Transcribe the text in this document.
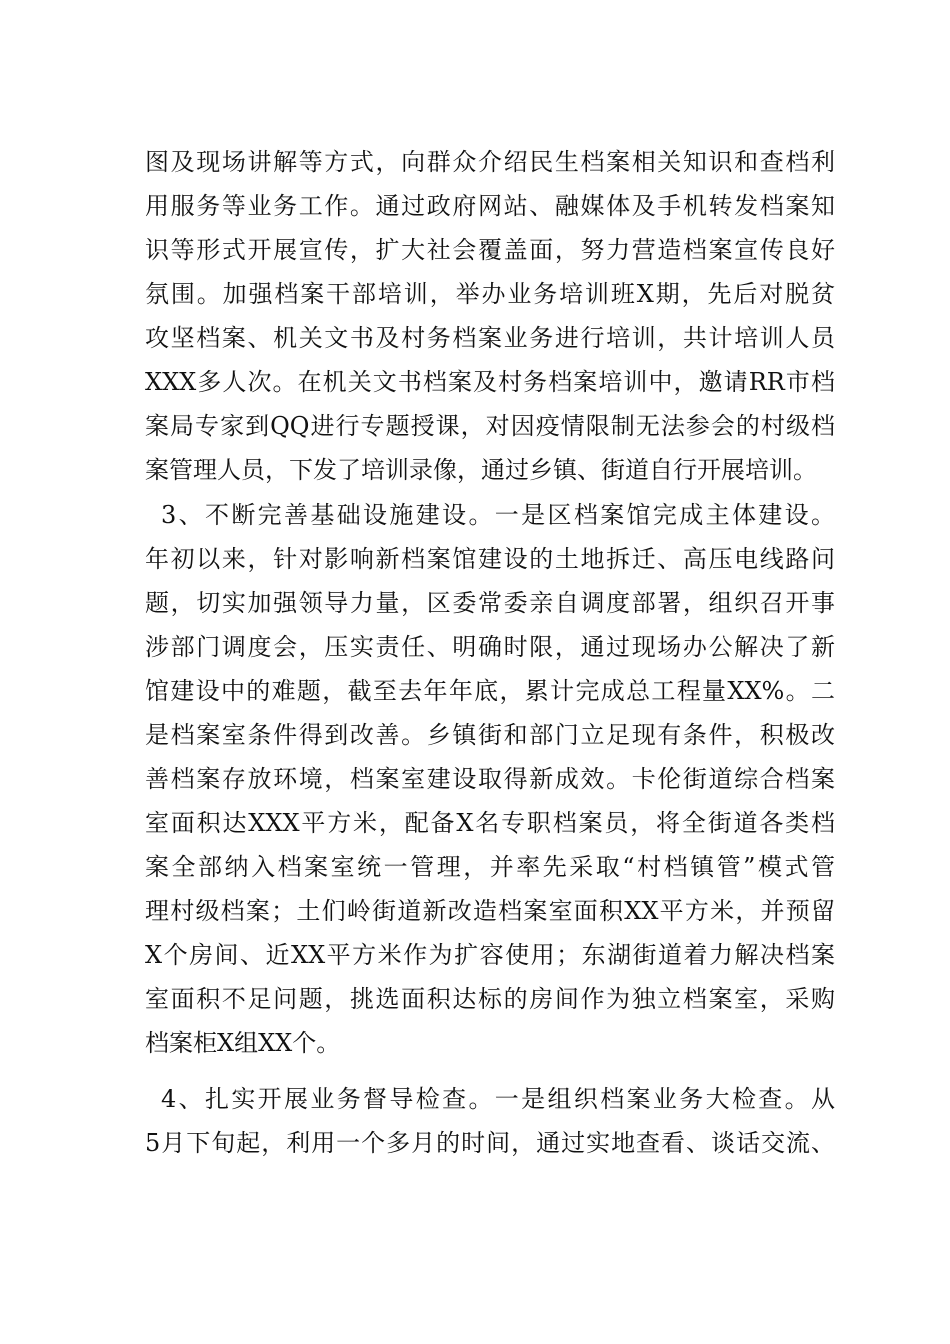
图及现场讲解等方式，向群众介绍民生档案相关知识和查档利
用服务等业务工作。通过政府网站、融媒体及手机转发档案知
识等形式开展宣传，扩大社会覆盖面，努力营造档案宣传良好
氛围。加强档案干部培训，举办业务培训班X期，先后对脱贫
攻坚档案、机关文书及村务档案业务进行培训，共计培训人员
XXX多人次。在机关文书档案及村务档案培训中，邀请RR市档
案局专家到QQ进行专题授课，对因疫情限制无法参会的村级档
案管理人员，下发了培训录像，通过乡镇、街道自行开展培训。
3、不断完善基础设施建设。一是区档案馆完成主体建设。
年初以来，针对影响新档案馆建设的土地拆迁、高压电线路问
题，切实加强领导力量，区委常委亲自调度部署，组织召开事
涉部门调度会，压实责任、明确时限，通过现场办公解决了新
馆建设中的难题，截至去年年底，累计完成总工程量XX%。二
是档案室条件得到改善。乡镇街和部门立足现有条件，积极改
善档案存放环境，档案室建设取得新成效。卡伦街道综合档案
室面积达XXX平方米，配备X名专职档案员，将全街道各类档
案全部纳入档案室统一管理，并率先采取“村档镇管”模式管
理村级档案；土们岭街道新改造档案室面积XX平方米，并预留
X个房间、近XX平方米作为扩容使用；东湖街道着力解决档案
室面积不足问题，挑选面积达标的房间作为独立档案室，采购
档案柜X组XX个。
4、扎实开展业务督导检查。一是组织档案业务大检查。从
5月下旬起，利用一个多月的时间，通过实地查看、谈话交流、
